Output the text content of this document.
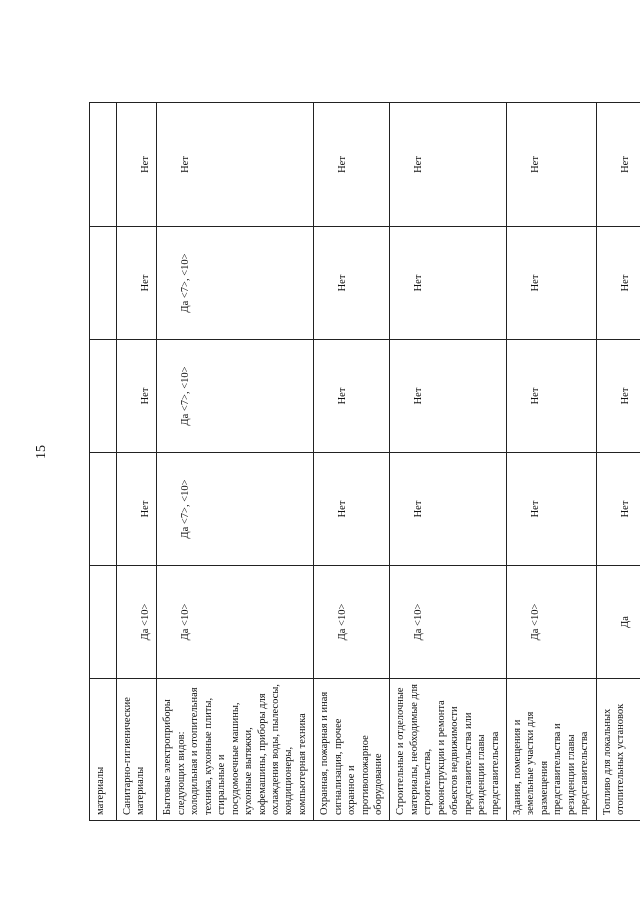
15
материалы					
Санитарно-гигиенические материалы	Да <10>	Нет	Нет	Нет	Нет
Бытовые электроприборы следующих видов: холодильная и отопительная техника, кухонные плиты, стиральные и посудомоечные машины, кухонные вытяжки, кофемашины, приборы для охлаждения воды, пылесосы, кондиционеры, компьютерная техника	Да <10>	Да <7>, <10>	Да <7>, <10>	Да <7>, <10>	Нет
Охранная, пожарная и иная сигнализация, прочее охранное и противопожарное оборудование	Да <10>	Нет	Нет	Нет	Нет
Строительные и отделочные материалы, необходимые для строительства, реконструкции и ремонта объектов недвижимости представительства или резиденции главы представительства	Да <10>	Нет	Нет	Нет	Нет
Здания, помещения и земельные участки для размещения представительства и резиденции главы представительства	Да <10>	Нет	Нет	Нет	Нет
Топливо для локальных отопительных установок	Да	Нет	Нет	Нет	Нет
